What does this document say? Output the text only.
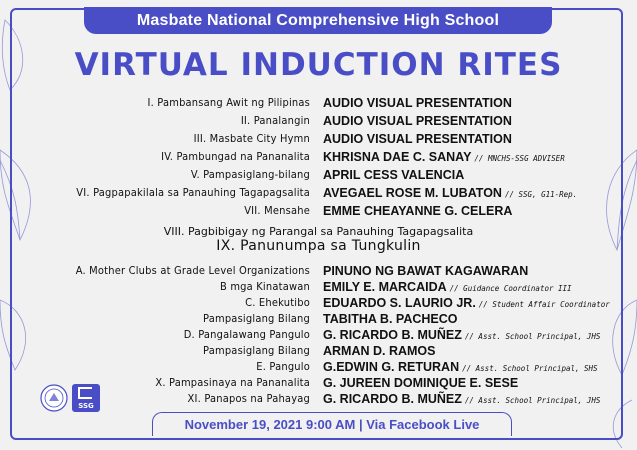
Masbate National Comprehensive High School
VIRTUAL INDUCTION RITES
I. Pambansang Awit ng Pilipinas AUDIO VISUAL PRESENTATION
II. Panalangin AUDIO VISUAL PRESENTATION
III. Masbate City Hymn AUDIO VISUAL PRESENTATION
IV. Pambungad na Pananalita KHRISNA DAE C. SANAY // MNCHS-SSG ADVISER
V. Pampasiglang-bilang APRIL CESS VALENCIA
VI. Pagpapakilala sa Panauhing Tagapagsalita AVEGAEL ROSE M. LUBATON // SSG, G11-Rep.
VII. Mensahe EMME CHEAYANNE G. CELERA
VIII. Pagbibigay ng Parangal sa Panauhing Tagapagsalita
IX. Panunumpa sa Tungkulin
A. Mother Clubs at Grade Level Organizations PINUNO NG BAWAT KAGAWARAN
B mga Kinatawan EMILY E. MARCAIDA // Guidance Coordinator III
C. Ehekutibo EDUARDO S. LAURIO JR. // Student Affair Coordinator
Pampasiglang Bilang TABITHA B. PACHECO
D. Pangalawang Pangulo G. RICARDO B. MUÑEZ // Asst. School Principal, JHS
Pampasiglang Bilang ARMAN D. RAMOS
E. Pangulo G.EDWIN G. RETURAN // Asst. School Principal, SHS
X. Pampasinaya na Pananalita G. JUREEN DOMINIQUE E. SESE
XI. Panapos na Pahayag G. RICARDO B. MUÑEZ // Asst. School Principal, JHS
SSG
November 19, 2021 9:00 AM | Via Facebook Live
